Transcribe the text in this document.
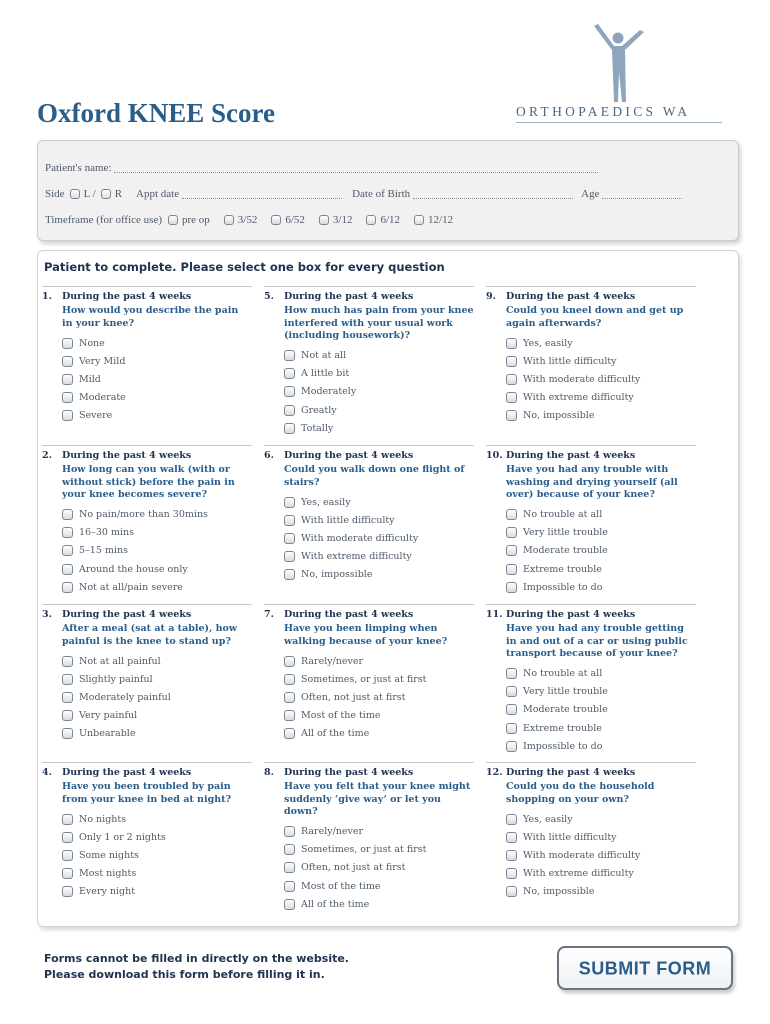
Oxford KNEE Score	ORTHOPAEDICS WA
Patient's name:
Side L / R Appt date	Date of Birth	Age
Timeframe (for office use) pre op	3/52	6/52	3/12	6/12	12/12
Patient to complete. Please select one box for every question
1.	During the past 4 weeks
How would you describe the pain in your knee?
None
Very Mild
Mild
Moderate
Severe
2.	During the past 4 weeks
How long can you walk (with or without stick) before the pain in your knee becomes severe?
No pain/more than 30mins
16–30 mins
5–15 mins
Around the house only
Not at all/pain severe
3.	During the past 4 weeks
After a meal (sat at a table), how painful is the knee to stand up?
Not at all painful
Slightly painful
Moderately painful
Very painful
Unbearable
4.	During the past 4 weeks
Have you been troubled by pain from your knee in bed at night?
No nights
Only 1 or 2 nights
Some nights
Most nights
Every night
5.	During the past 4 weeks
How much has pain from your knee interfered with your usual work (including housework)?
Not at all
A little bit
Moderately
Greatly
Totally
6.	During the past 4 weeks
Could you walk down one flight of stairs?
Yes, easily
With little difficulty
With moderate difficulty
With extreme difficulty
No, impossible
7.	During the past 4 weeks
Have you been limping when walking because of your knee?
Rarely/never
Sometimes, or just at first
Often, not just at first
Most of the time
All of the time
8.	During the past 4 weeks
Have you felt that your knee might suddenly ‘give way’ or let you down?
Rarely/never
Sometimes, or just at first
Often, not just at first
Most of the time
All of the time
9.	During the past 4 weeks
Could you kneel down and get up again afterwards?
Yes, easily
With little difficulty
With moderate difficulty
With extreme difficulty
No, impossible
10. During the past 4 weeks
Have you had any trouble with washing and drying yourself (all over) because of your knee?
No trouble at all
Very little trouble
Moderate trouble
Extreme trouble
Impossible to do
11. During the past 4 weeks
Have you had any trouble getting in and out of a car or using public transport because of your knee?
No trouble at all
Very little trouble
Moderate trouble
Extreme trouble
Impossible to do
12. During the past 4 weeks
Could you do the household shopping on your own?
Yes, easily
With little difficulty
With moderate difficulty
With extreme difficulty
No, impossible
Forms cannot be filled in directly on the website.
Please download this form before filling it in.	SUBMIT FORM
